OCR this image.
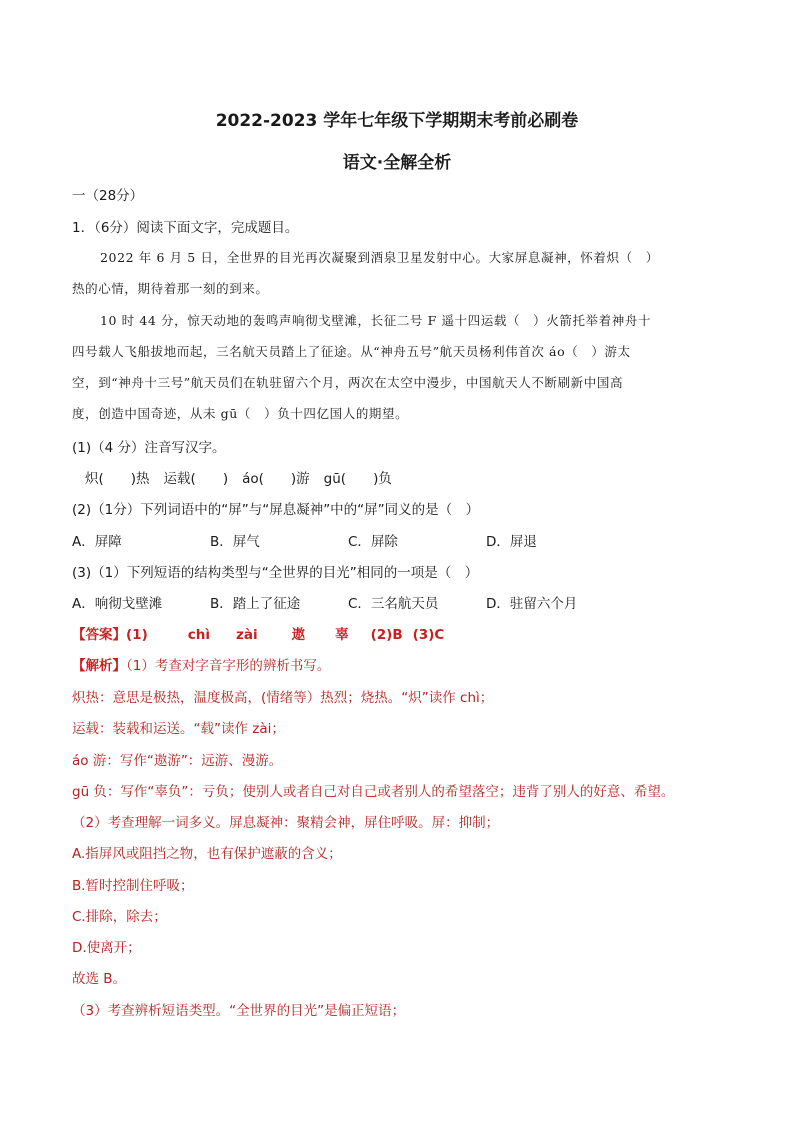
2022-2023 学年七年级下学期期末考前必刷卷
语文·全解全析
一（28分）
1．（6分）阅读下面文字，完成题目。
2022 年 6 月 5 日，全世界的目光再次凝聚到酒泉卫星发射中心。大家屏息凝神，怀着炽（　）
热的心情，期待着那一刻的到来。
10 时 44 分，惊天动地的轰鸣声响彻戈壁滩，长征二号 F 遥十四运载（　）火箭托举着神舟十
四号载人飞船拔地而起，三名航天员踏上了征途。从“神舟五号”航天员杨利伟首次 áo（　）游太
空，到“神舟十三号”航天员们在轨驻留六个月，两次在太空中漫步，中国航天人不断刷新中国高
度，创造中国奇迹，从未 gū（　）负十四亿国人的期望。
(1)（4 分）注音写汉字。
炽(　　)热 运载(　　) áo(　　)游 gū(　　)负
(2)（1分）下列词语中的“屏”与“屏息凝神”中的“屏”同义的是（　）
A．屏障	B．屏气	C．屏除	D．屏退
(3)（1）下列短语的结构类型与“全世界的目光”相同的一项是（　）
A．响彻戈壁滩	B．踏上了征途	C．三名航天员	D．驻留六个月
【答案】(1)	chì zài	遨 辜 (2)B (3)C
【解析】（1）考查对字音字形的辨析书写。
炽热：意思是极热，温度极高，(情绪等）热烈；烧热。“炽”读作 chì；
运载：装载和运送。“载”读作 zài；
áo 游：写作“遨游”：远游、漫游。
gū 负：写作“辜负”：亏负；使别人或者自己对自己或者别人的希望落空；违背了别人的好意、希望。
（2）考查理解一词多义。屏息凝神：聚精会神，屏住呼吸。屏：抑制；
A.指屏风或阻挡之物，也有保护遮蔽的含义；
B.暂时控制住呼吸；
C.排除，除去；
D.使离开；
故选 B。
（3）考查辨析短语类型。“全世界的目光”是偏正短语；
